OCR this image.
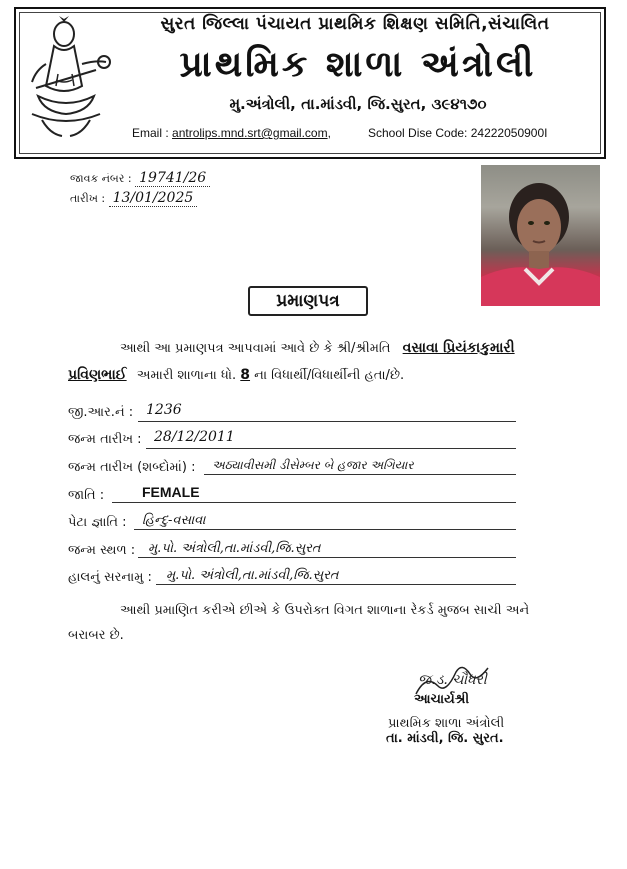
સુરત જિલ્લા પંચાયત પ્રાથમિક શિક્ષણ સમિતિ,સંચાલિત
પ્રાથમિક શાળા અંત્રોલી
મુ.અંત્રોલી, તા.માંડવી, જિ.સુરત, ૩૯૪૧૭૦
Email : antrolips.mnd.srt@gmail.com,	School Dise Code: 24222050900I
જાવક નંબર : 19741/26
તારીખ : 13/01/2025
પ્રમાણપત્ર
આથી આ પ્રમાણપત્ર આપવામાં આવે છે કે શ્રી/શ્રીમતિ વસાવા પ્રિયંકાકુમારી
પ્રવિણભાઈ અમારી શાળાના ધો. 8 ના વિધાર્થી/વિધાર્થીની હતા/છે.
જી.આર.નં : 1236
જન્મ તારીખ : 28/12/2011
જન્મ તારીખ (શબ્દોમાં) : અઠ્યાવીસમી ડીસેમ્બર બે હજાર અગિયાર
જાતિ :	FEMALE
પેટા જ્ઞાતિ : હિન્દુ-વસાવા
જન્મ સ્થળ : મુ.પો. અંત્રોલી,તા.માંડવી,જિ.સુરત
હાલનું સરનામુ : મુ.પો. અંત્રોલી,તા.માંડવી,જિ.સુરત
આથી પ્રમાણિત કરીએ છીએ કે ઉપરોક્ત વિગત શાળાના રેકર્ડ મુજબ સાચી અને
બરાબર છે.
જ.ડ. ચૌધરી
આચાર્યશ્રી
પ્રાથમિક શાળા અંત્રોલી
તા. માંડવી, જિ. સુરત.
